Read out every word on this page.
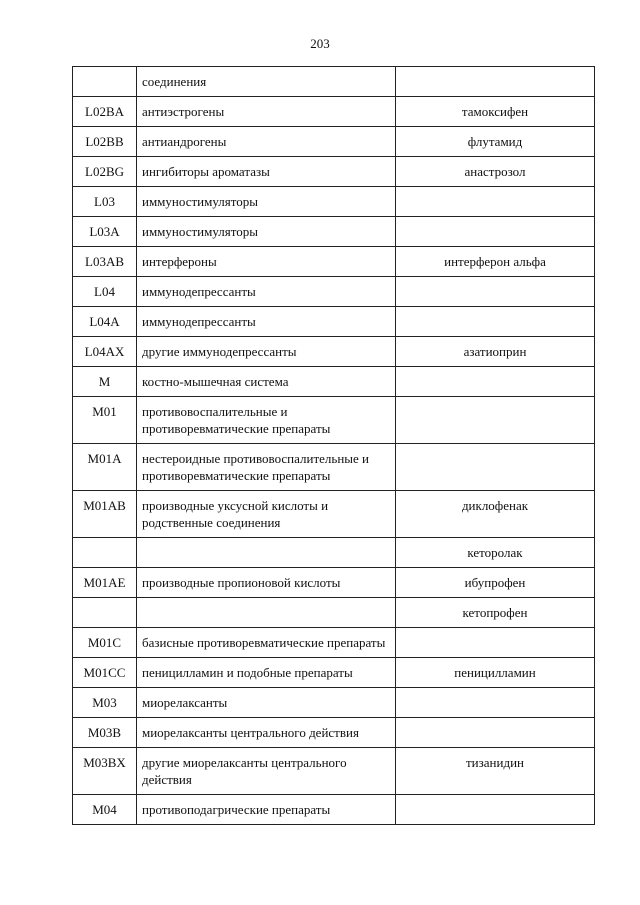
203
	соединения	
L02BA	антиэстрогены	тамоксифен
L02BB	антиандрогены	флутамид
L02BG	ингибиторы ароматазы	анастрозол
L03	иммуностимуляторы	
L03A	иммуностимуляторы	
L03AB	интерфероны	интерферон альфа
L04	иммунодепрессанты	
L04A	иммунодепрессанты	
L04AX	другие иммунодепрессанты	азатиоприн
M	костно-мышечная система	
M01	противовоспалительные и противоревматические препараты	
M01A	нестероидные противовоспалительные и противоревматические препараты	
M01AB	производные уксусной кислоты и родственные соединения	диклофенак
		кеторолак
M01AE	производные пропионовой кислоты	ибупрофен
		кетопрофен
M01C	базисные противоревматические препараты	
M01CC	пеницилламин и подобные препараты	пеницилламин
M03	миорелаксанты	
M03B	миорелаксанты центрального действия	
M03BX	другие миорелаксанты центрального действия	тизанидин
M04	противоподагрические препараты	
